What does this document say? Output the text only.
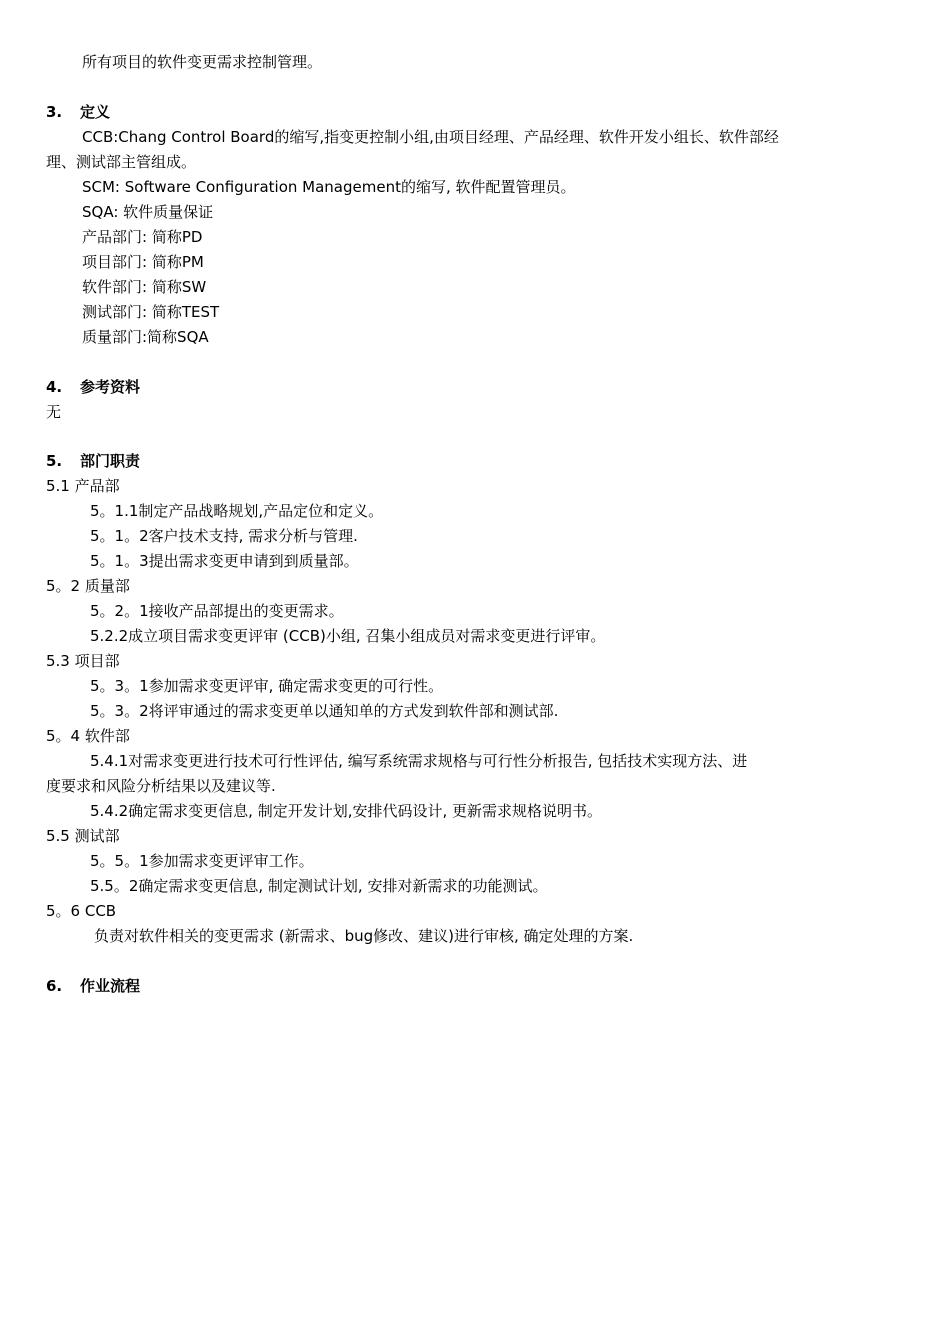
所有项目的软件变更需求控制管理。
3. 定义
CCB:Chang Control Board的缩写,指变更控制小组,由项目经理、产品经理、软件开发小组长、软件部经
理、测试部主管组成。
SCM: Software Configuration Management的缩写, 软件配置管理员。
SQA: 软件质量保证
产品部门: 简称PD
项目部门: 简称PM
软件部门: 简称SW
测试部门: 简称TEST
质量部门:简称SQA
4. 参考资料
无
5. 部门职责
5.1 产品部
5。1.1制定产品战略规划,产品定位和定义。
5。1。2客户技术支持, 需求分析与管理.
5。1。3提出需求变更申请到到质量部。
5。2 质量部
5。2。1接收产品部提出的变更需求。
5.2.2成立项目需求变更评审 (CCB)小组, 召集小组成员对需求变更进行评审。
5.3 项目部
5。3。1参加需求变更评审, 确定需求变更的可行性。
5。3。2将评审通过的需求变更单以通知单的方式发到软件部和测试部.
5。4 软件部
5.4.1对需求变更进行技术可行性评估, 编写系统需求规格与可行性分析报告, 包括技术实现方法、进
度要求和风险分析结果以及建议等.
5.4.2确定需求变更信息, 制定开发计划,安排代码设计, 更新需求规格说明书。
5.5 测试部
5。5。1参加需求变更评审工作。
5.5。2确定需求变更信息, 制定测试计划, 安排对新需求的功能测试。
5。6 CCB
负责对软件相关的变更需求 (新需求、bug修改、建议)进行审核, 确定处理的方案.
6. 作业流程
